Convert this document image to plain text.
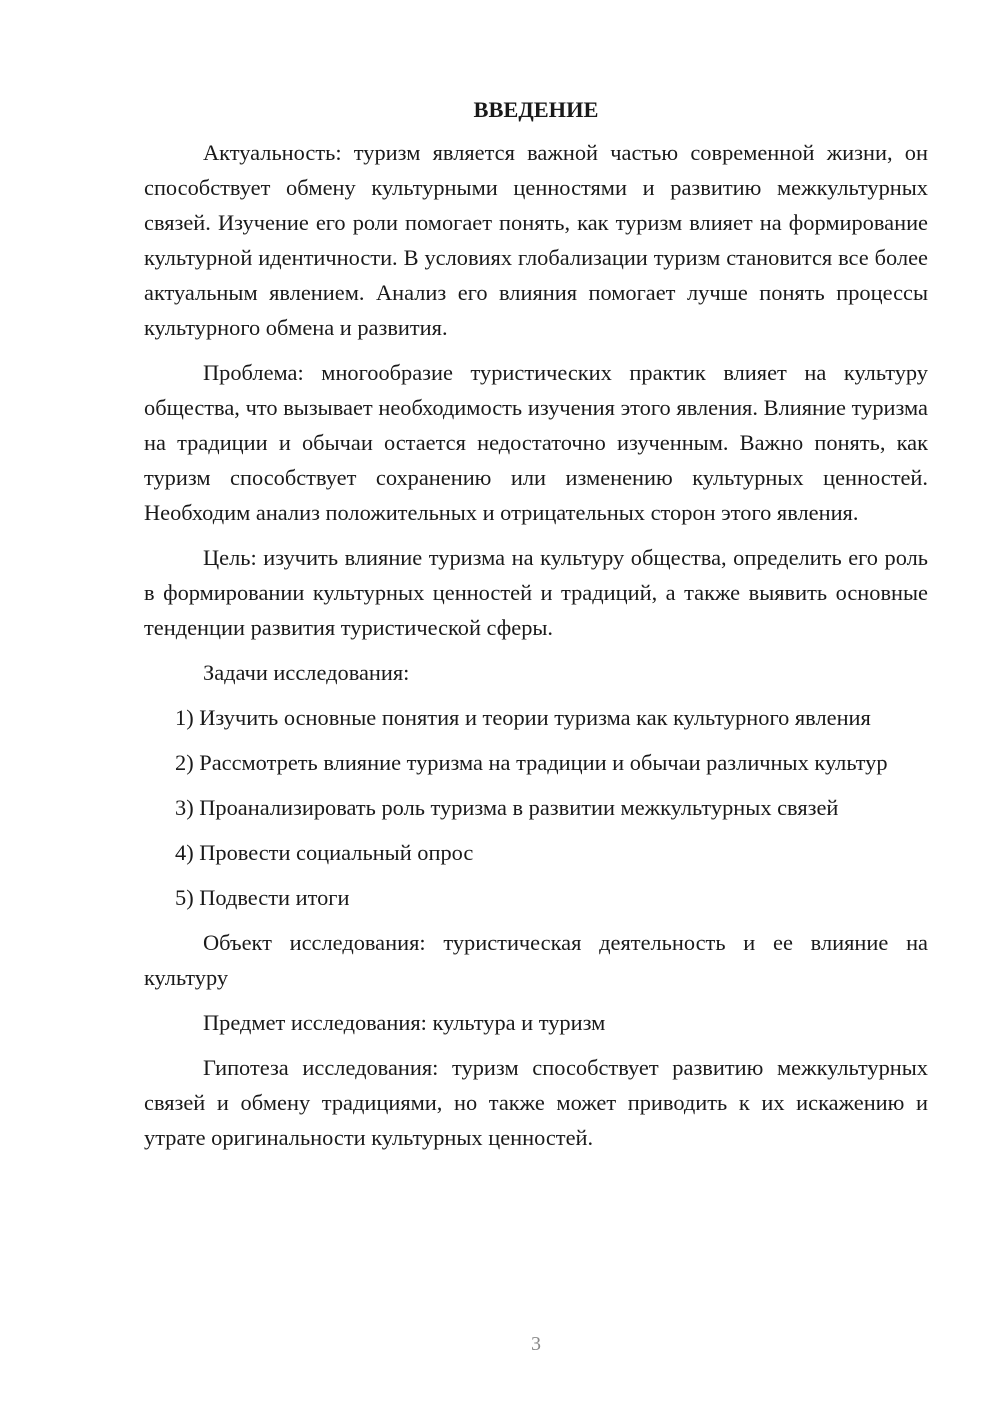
ВВЕДЕНИЕ

Актуальность: туризм является важной частью современной жизни, он способствует обмену культурными ценностями и развитию межкультурных связей. Изучение его роли помогает понять, как туризм влияет на формирование культурной идентичности. В условиях глобализации туризм становится все более актуальным явлением. Анализ его влияния помогает лучше понять процессы культурного обмена и развития.

Проблема: многообразие туристических практик влияет на культуру общества, что вызывает необходимость изучения этого явления. Влияние туризма на традиции и обычаи остается недостаточно изученным. Важно понять, как туризм способствует сохранению или изменению культурных ценностей. Необходим анализ положительных и отрицательных сторон этого явления.

Цель: изучить влияние туризма на культуру общества, определить его роль в формировании культурных ценностей и традиций, а также выявить основные тенденции развития туристической сферы.

Задачи исследования:

1) Изучить основные понятия и теории туризма как культурного явления

2) Рассмотреть влияние туризма на традиции и обычаи различных культур

3) Проанализировать роль туризма в развитии межкультурных связей

4) Провести социальный опрос

5) Подвести итоги

Объект исследования: туристическая деятельность и ее влияние на культуру

Предмет исследования: культура и туризм

Гипотеза исследования: туризм способствует развитию межкультурных связей и обмену традициями, но также может приводить к их искажению и утрате оригинальности культурных ценностей.

3
